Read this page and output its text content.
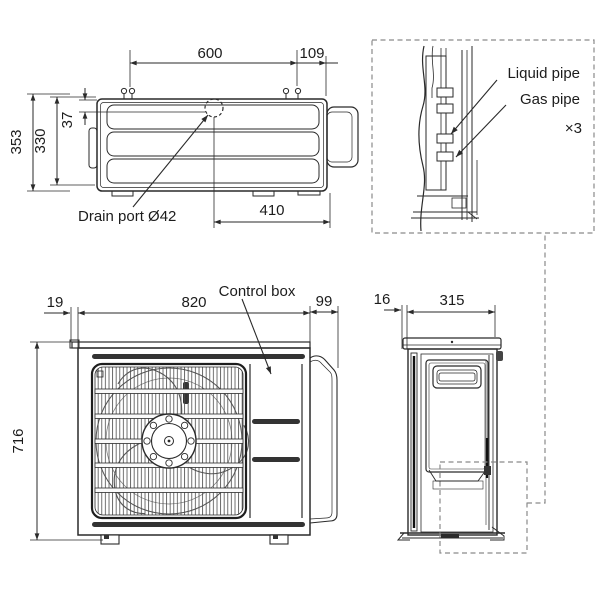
600	109
353 330
37
410
Drain port Ø42
Liquid pipe
Gas pipe
×3
19	820	99
716
Control box	16	315
